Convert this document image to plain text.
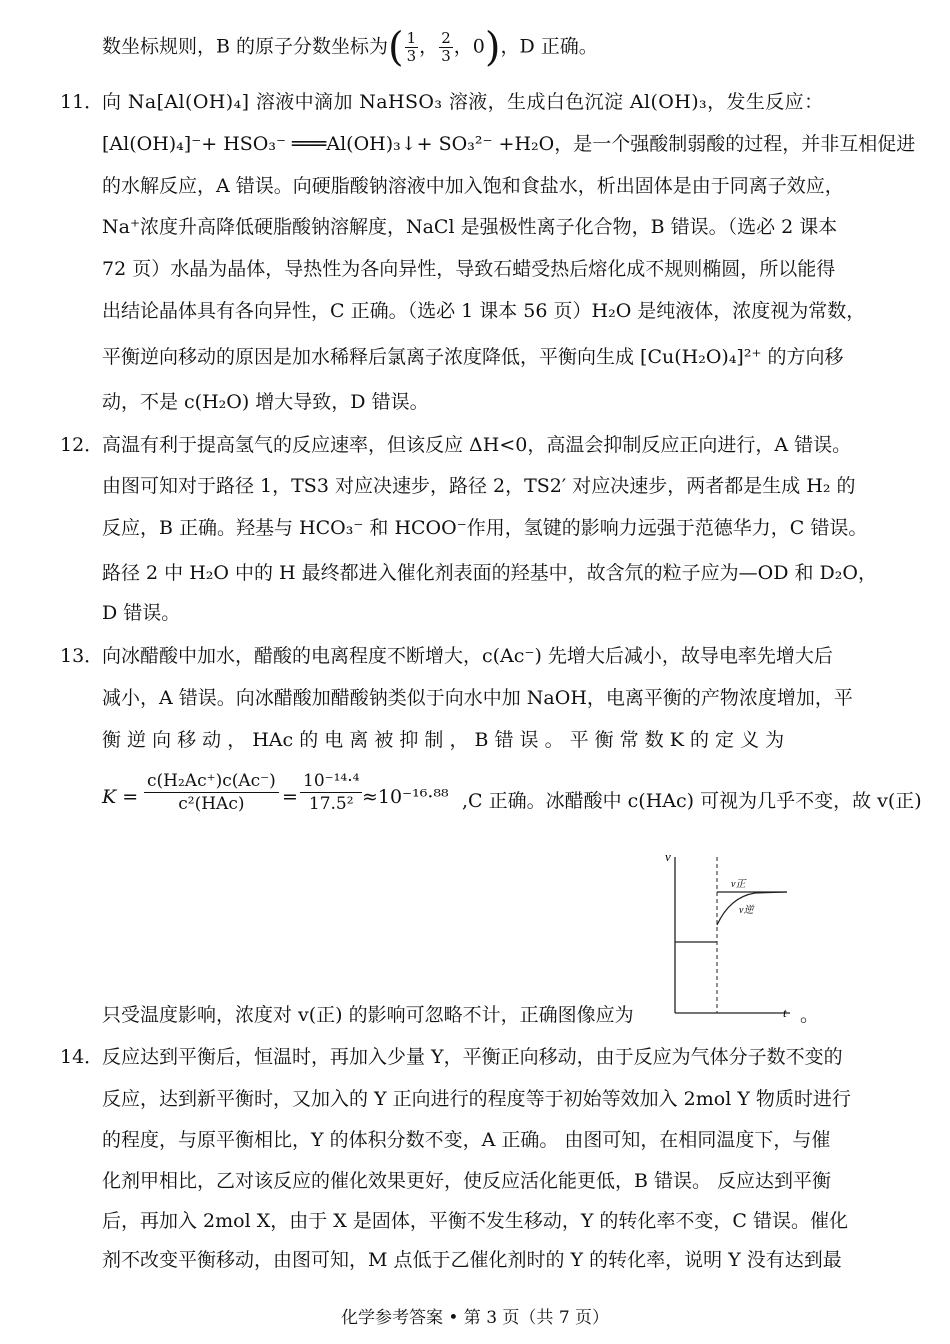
数坐标规则，B 的原子分数坐标为( $\frac{1}{3}$ ， $\frac{2}{3}$ ，0)，D 正确。
11．
向 Na[Al(OH)₄] 溶液中滴加 NaHSO₃ 溶液，生成白色沉淀 Al(OH)₃，发生反应：
[Al(OH)₄]⁻+ HSO₃⁻ ═══Al(OH)₃↓+ SO₃²⁻ +H₂O，是一个强酸制弱酸的过程，并非互相促进
的水解反应，A 错误。向硬脂酸钠溶液中加入饱和食盐水，析出固体是由于同离子效应，
Na⁺浓度升高降低硬脂酸钠溶解度，NaCl 是强极性离子化合物，B 错误。（选必 2 课本
72 页）水晶为晶体，导热性为各向异性，导致石蜡受热后熔化成不规则椭圆，所以能得
出结论晶体具有各向异性，C 正确。（选必 1 课本 56 页）H₂O 是纯液体，浓度视为常数，
平衡逆向移动的原因是加水稀释后氯离子浓度降低，平衡向生成 [Cu(H₂O)₄]²⁺ 的方向移
动，不是 c(H₂O) 增大导致，D 错误。
12．
高温有利于提高氢气的反应速率，但该反应 ΔH<0，高温会抑制反应正向进行，A 错误。
由图可知对于路径 1，TS3 对应决速步，路径 2，TS2′ 对应决速步，两者都是生成 H₂ 的
反应，B 正确。羟基与 HCO₃⁻ 和 HCOO⁻作用，氢键的影响力远强于范德华力，C 错误。
路径 2 中 H₂O 中的 H 最终都进入催化剂表面的羟基中，故含氘的粒子应为—OD 和 D₂O，
D 错误。
13．
向冰醋酸中加水，醋酸的电离程度不断增大，c(Ac⁻) 先增大后减小，故导电率先增大后
减小，A 错误。向冰醋酸加醋酸钠类似于向水中加 NaOH，电离平衡的产物浓度增加，平
衡 逆 向 移 动 ， HAc 的 电 离 被 抑 制 ， B 错 误 。 平 衡 常 数 K 的 定 义 为
K =
c(H₂Ac⁺)c(Ac⁻)
c²(HAc)	= $\frac{\text{10⁻¹⁴·⁴}}{\text{17.5²}} \approx 10^{-16}\cdot^{88}$ ,C 正确。冰醋酸中 c(HAc) 可视为几乎不变，故 v(正)
v
t
v正
v逆
只受温度影响，浓度对 v(正) 的影响可忽略不计，正确图像应为	。
14．
反应达到平衡后，恒温时，再加入少量 Y，平衡正向移动，由于反应为气体分子数不变的
反应，达到新平衡时，又加入的 Y 正向进行的程度等于初始等效加入 2mol Y 物质时进行
的程度，与原平衡相比，Y 的体积分数不变，A 正确。 由图可知，在相同温度下，与催
化剂甲相比，乙对该反应的催化效果更好，使反应活化能更低，B 错误。 反应达到平衡
后，再加入 2mol X，由于 X 是固体，平衡不发生移动，Y 的转化率不变，C 错误。催化
剂不改变平衡移动，由图可知，M 点低于乙催化剂时的 Y 的转化率，说明 Y 没有达到最
化学参考答案 • 第 3 页（共 7 页）
